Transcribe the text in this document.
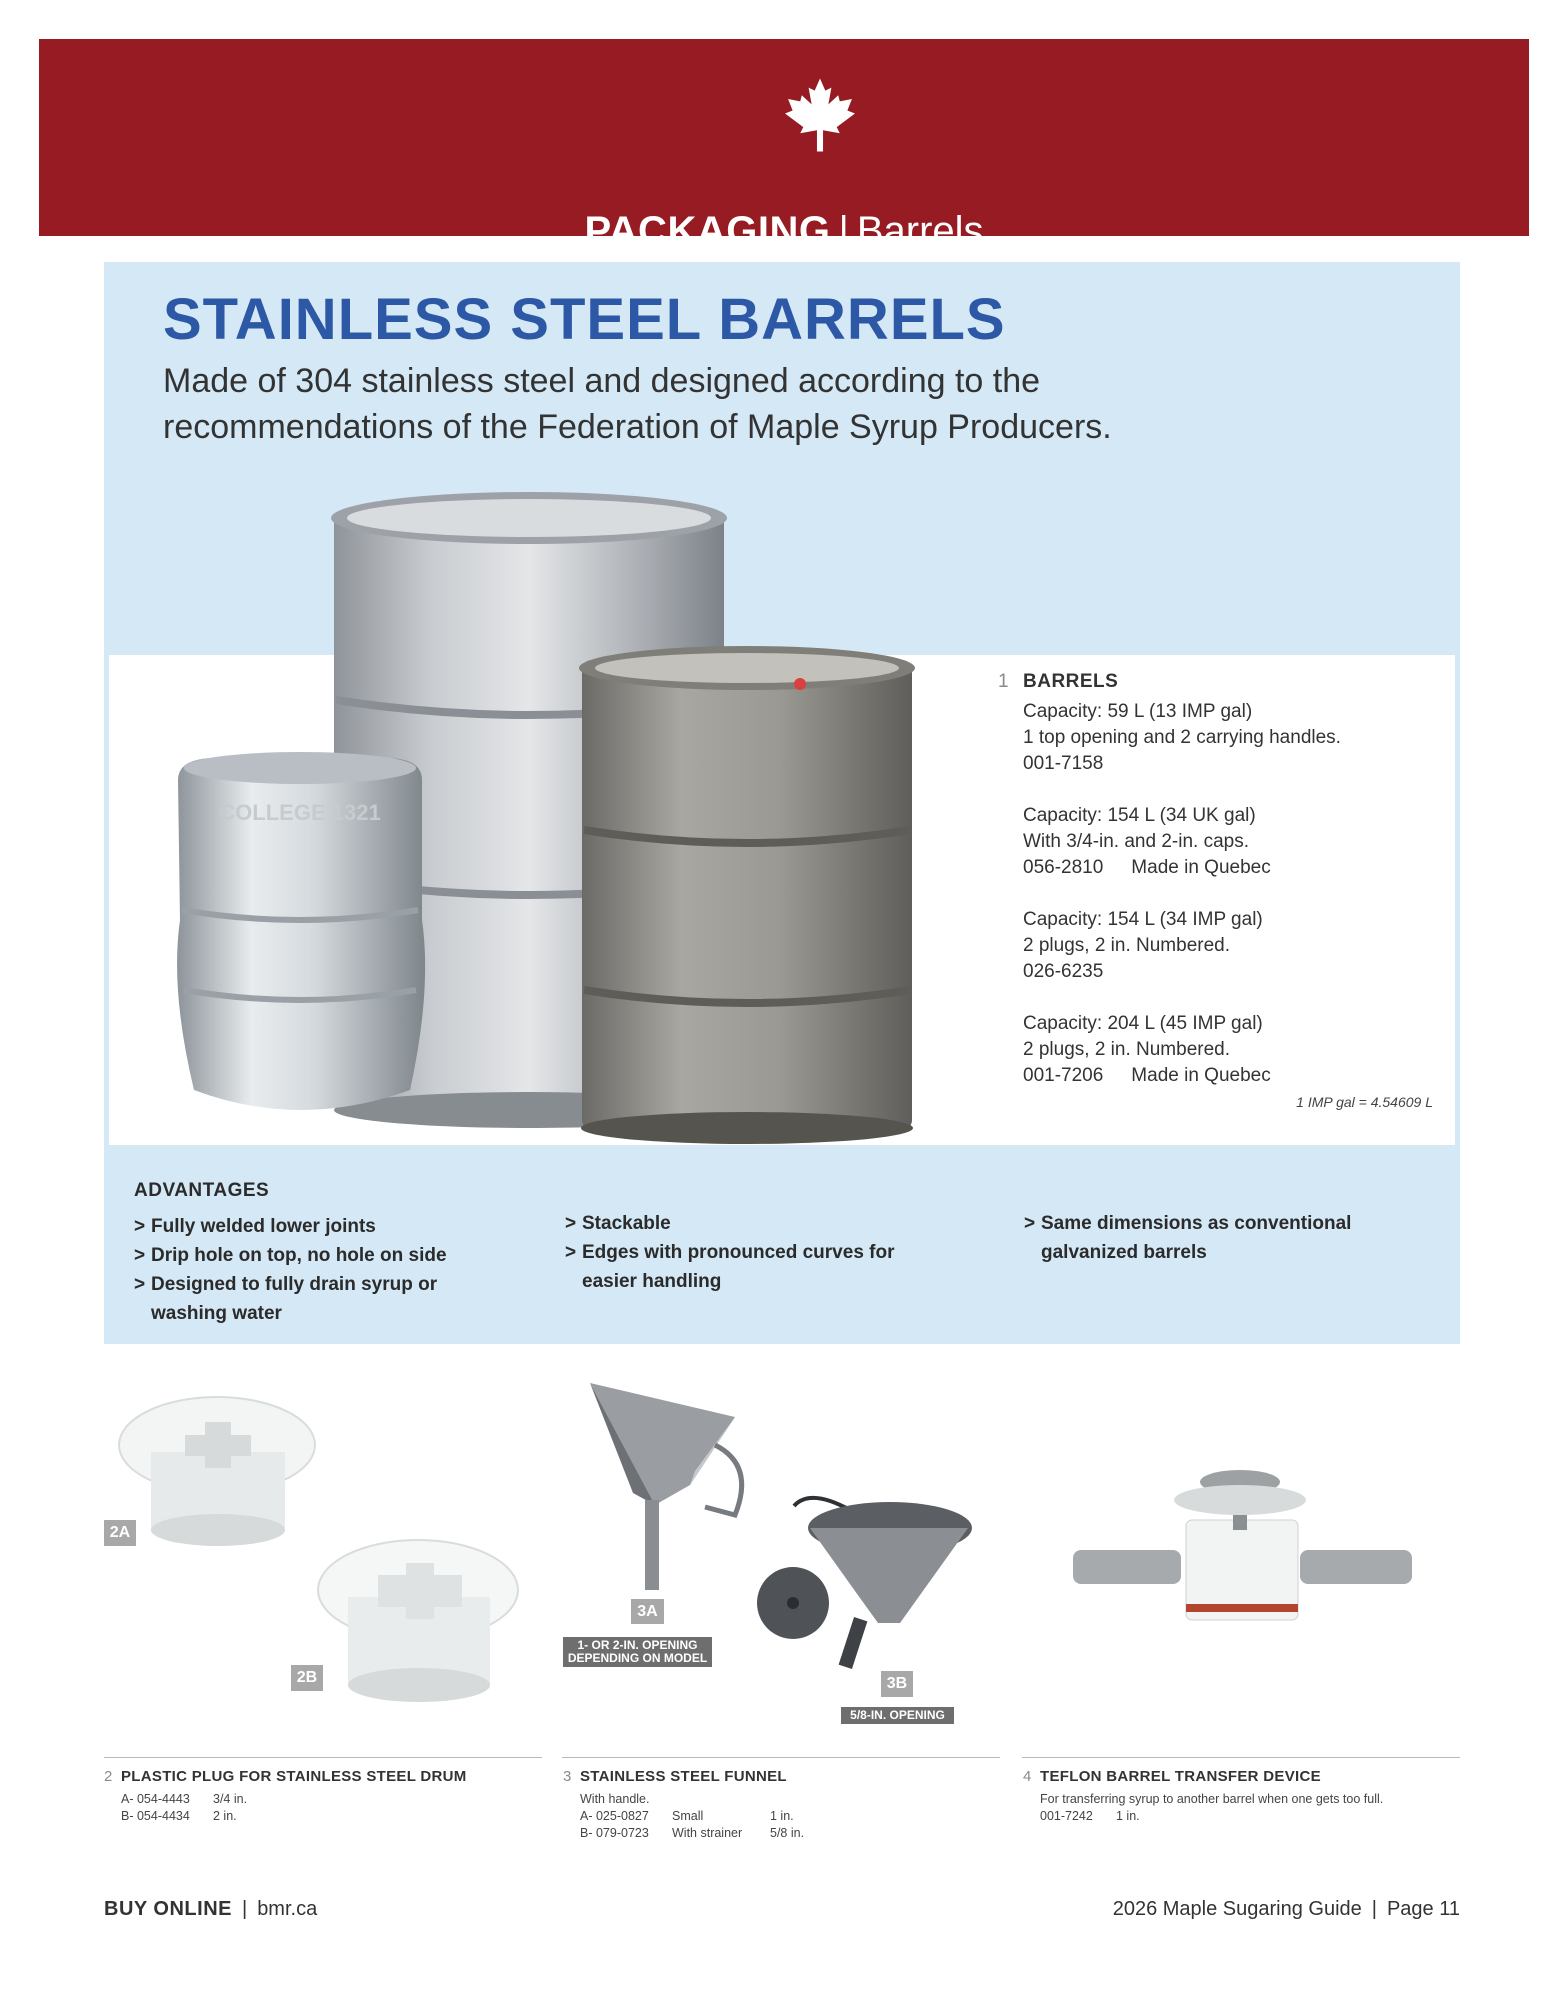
PACKAGING | Barrels
STAINLESS STEEL BARRELS
Made of 304 stainless steel and designed according to the
recommendations of the Federation of Maple Syrup Producers.
COLLEGE 1321
1 BARRELS
Capacity: 59 L (13 IMP gal)
1 top opening and 2 carrying handles.
001-7158
Capacity: 154 L (34 UK gal)
With 3/4-in. and 2-in. caps.
056-2810 Made in Quebec
Capacity: 154 L (34 IMP gal)
2 plugs, 2 in. Numbered.
026-6235
Capacity: 204 L (45 IMP gal)
2 plugs, 2 in. Numbered.
001-7206 Made in Quebec
1 IMP gal = 4.54609 L
ADVANTAGES
> Fully welded lower joints
> Drip hole on top, no hole on side
> Designed to fully drain syrup or
washing water
> Stackable
> Edges with pronounced curves for
easier handling
> Same dimensions as conventional
galvanized barrels
2A
2B
3A
1- OR 2-IN. OPENING
DEPENDING ON MODEL
3B
5/8-IN. OPENING
2 PLASTIC PLUG FOR STAINLESS STEEL DRUM
A- 054-4443 3/4 in.
B- 054-4434 2 in.
3 STAINLESS STEEL FUNNEL
With handle.
A- 025-0827 Small	1 in.
B- 079-0723 With strainer 5/8 in.
4 TEFLON BARREL TRANSFER DEVICE
For transferring syrup to another barrel when one gets too full.
001-7242 1 in.
BUY ONLINE | bmr.ca	2026 Maple Sugaring Guide | Page 11
